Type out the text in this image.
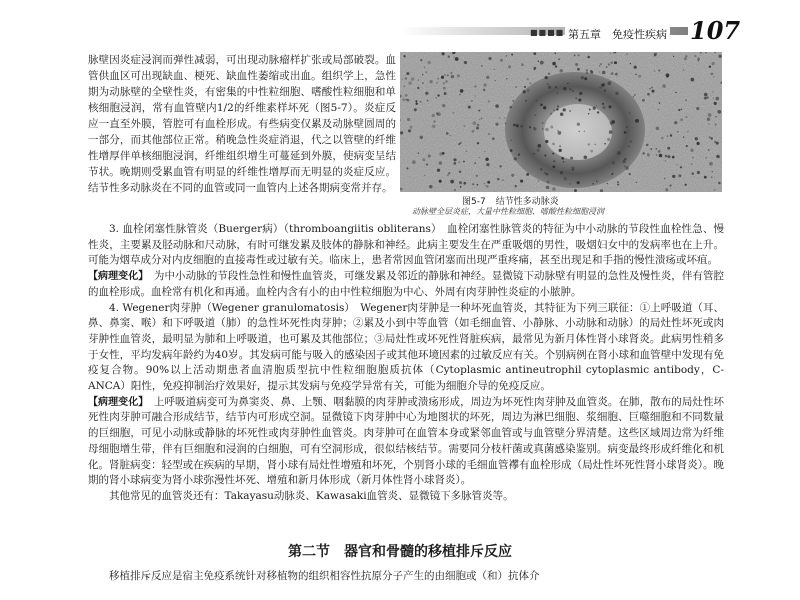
■■■■ 第五章　免疫性疾病 107
脉壁因炎症浸润而弹性减弱，可出现动脉瘤样扩张或局部破裂。血管供血区可出现缺血、梗死、缺血性萎缩或出血。组织学上，急性期为动脉壁的全壁性炎，有密集的中性粒细胞、嗜酸性粒细胞和单核细胞浸润，常有血管壁内1/2的纤维素样坏死（图5-7）。炎症反应一直至外膜，管腔可有血栓形成。有些病变仅累及动脉壁圆周的一部分，而其他部位正常。稍晚急性炎症消退，代之以管壁的纤维性增厚伴单核细胞浸润，纤维组织增生可蔓延到外膜，使病变呈结节状。晚期则受累血管有明显的纤维性增厚而无明显的炎症反应。结节性多动脉炎在不同的血管或同一血管内上述各期病变常并存。
图5-7 结节性多动脉炎
动脉壁全层炎症，大量中性粒细胞、嗜酸性粒细胞浸润

3. 血栓闭塞性脉管炎（Buerger病）（thromboangiitis obliterans）　血栓闭塞性脉管炎的特征为中小动脉的节段性血栓性急、慢性炎，主要累及胫动脉和尺动脉，有时可继发累及肢体的静脉和神经。此病主要发生在严重吸烟的男性，吸烟妇女中的发病率也在上升。可能为烟草成分对内皮细胞的直接毒性或过敏有关。临床上，患者常因血管闭塞而出现严重疼痛，甚至出现足和手指的慢性溃疡或坏疽。

【病理变化】　 为中小动脉的节段性急性和慢性血管炎，可继发累及邻近的静脉和神经。显微镜下动脉壁有明显的急性及慢性炎，伴有管腔的血栓形成。血栓常有机化和再通。血栓内含有小的由中性粒细胞为中心、外周有肉芽肿性炎症的小脓肿。

4. Wegener肉芽肿（Wegener granulomatosis）　Wegener肉芽肿是一种坏死血管炎，其特征为下列三联征：①上呼吸道（耳、鼻、鼻窦、喉）和下呼吸道（肺）的急性坏死性肉芽肿；②累及小到中等血管（如毛细血管、小静脉、小动脉和动脉）的局灶性坏死或肉芽肿性血管炎，最明显为肺和上呼吸道，也可累及其他部位；③局灶性或坏死性肾脏疾病，最常见为新月体性肾小球肾炎。此病男性稍多于女性，平均发病年龄约为40岁。其发病可能与吸入的感染因子或其他环境因素的过敏反应有关。个别病例在肾小球和血管壁中发现有免疫复合物。90%以上活动期患者血清胞质型抗中性粒细胞胞质抗体（Cytoplasmic antineutrophil cytoplasmic antibody，C-ANCA）阳性，免疫抑制治疗效果好，提示其发病与免疫学异常有关，可能为细胞介导的免疫反应。

【病理变化】　 上呼吸道病变可为鼻窦炎、鼻、上颚、咽黏膜的肉芽肿或溃疡形成，周边为坏死性肉芽肿及血管炎。在肺，散布的局灶性坏死性肉芽肿可融合形成结节，结节内可形成空洞。显微镜下肉芽肿中心为地图状的坏死，周边为淋巴细胞、浆细胞、巨噬细胞和不同数量的巨细胞，可见小动脉或静脉的坏死性或肉芽肿性血管炎。肉芽肿可在血管本身或紧邻血管或与血管壁分界清楚。这些区域周边常为纤维母细胞增生带，伴有巨细胞和浸润的白细胞，可有空洞形成，很似结核结节。需要同分枝杆菌或真菌感染鉴别。病变最终形成纤维化和机化。肾脏病变：轻型或在疾病的早期，肾小球有局灶性增殖和坏死，个别肾小球的毛细血管襻有血栓形成（局灶性坏死性肾小球肾炎）。晚期的肾小球病变为肾小球弥漫性坏死、增殖和新月体形成（新月体性肾小球肾炎）。

其他常见的血管炎还有：Takayasu动脉炎、Kawasaki血管炎、显微镜下多脉管炎等。

第二节　器官和骨髓的移植排斥反应
移植排斥反应是宿主免疫系统针对移植物的组织相容性抗原分子产生的由细胞或（和）抗体介
